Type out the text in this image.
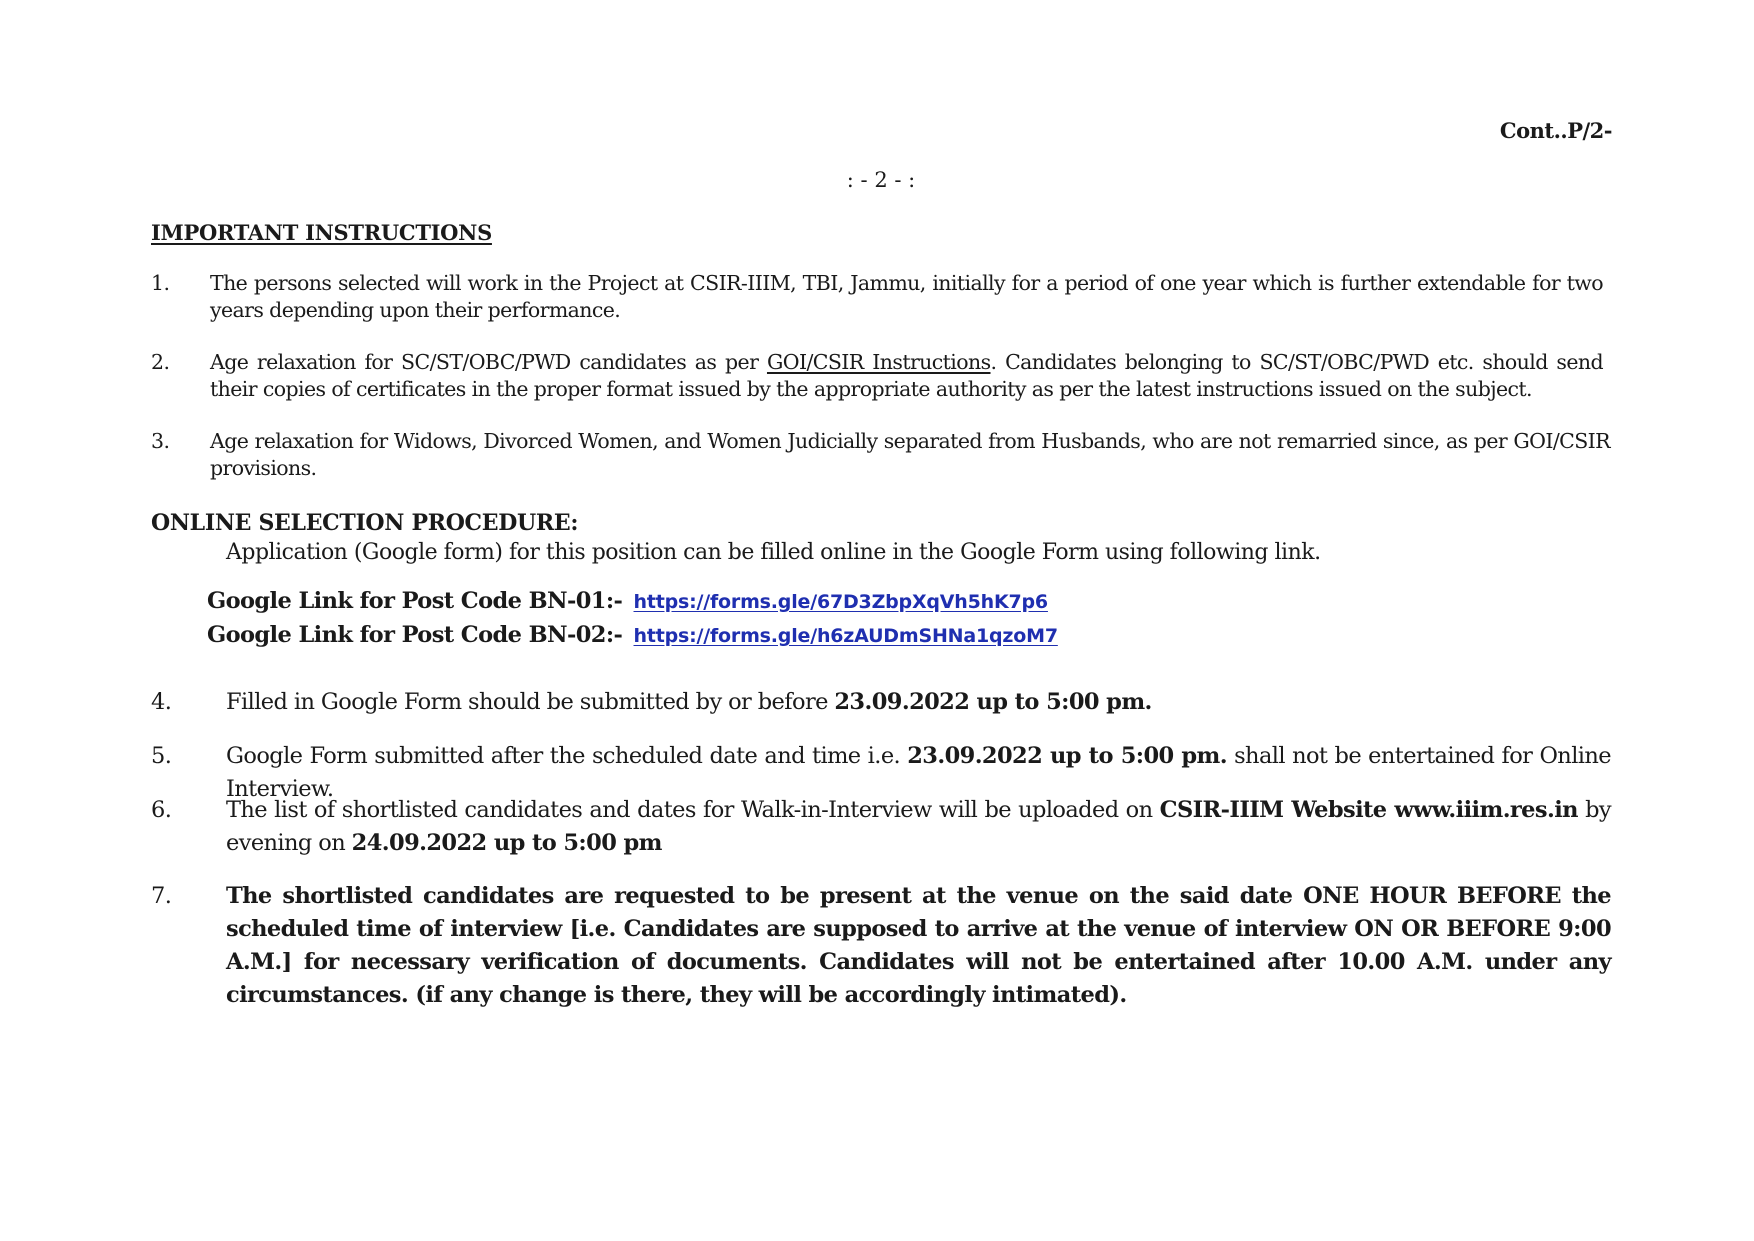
Cont..P/2-
: - 2 - :
IMPORTANT INSTRUCTIONS
1. The persons selected will work in the Project at CSIR-IIIM, TBI, Jammu, initially for a period of one year which is further extendable for two years depending upon their performance.
2. Age relaxation for SC/ST/OBC/PWD candidates as per GOI/CSIR Instructions. Candidates belonging to SC/ST/OBC/PWD etc. should send their copies of certificates in the proper format issued by the appropriate authority as per the latest instructions issued on the subject.
3. Age relaxation for Widows, Divorced Women, and Women Judicially separated from Husbands, who are not remarried since, as per GOI/CSIR provisions.
ONLINE SELECTION PROCEDURE:
Application (Google form) for this position can be filled online in the Google Form using following link.
Google Link for Post Code BN-01:- https://forms.gle/67D3ZbpXqVh5hK7p6
Google Link for Post Code BN-02:- https://forms.gle/h6zAUDmSHNa1qzoM7
4. Filled in Google Form should be submitted by or before 23.09.2022 up to 5:00 pm.
5. Google Form submitted after the scheduled date and time i.e. 23.09.2022 up to 5:00 pm. shall not be entertained for Online Interview.
6. The list of shortlisted candidates and dates for Walk-in-Interview will be uploaded on CSIR-IIIM Website www.iiim.res.in by evening on 24.09.2022 up to 5:00 pm
7. The shortlisted candidates are requested to be present at the venue on the said date ONE HOUR BEFORE the scheduled time of interview [i.e. Candidates are supposed to arrive at the venue of interview ON OR BEFORE 9:00 A.M.] for necessary verification of documents. Candidates will not be entertained after 10.00 A.M. under any circumstances. (if any change is there, they will be accordingly intimated).
